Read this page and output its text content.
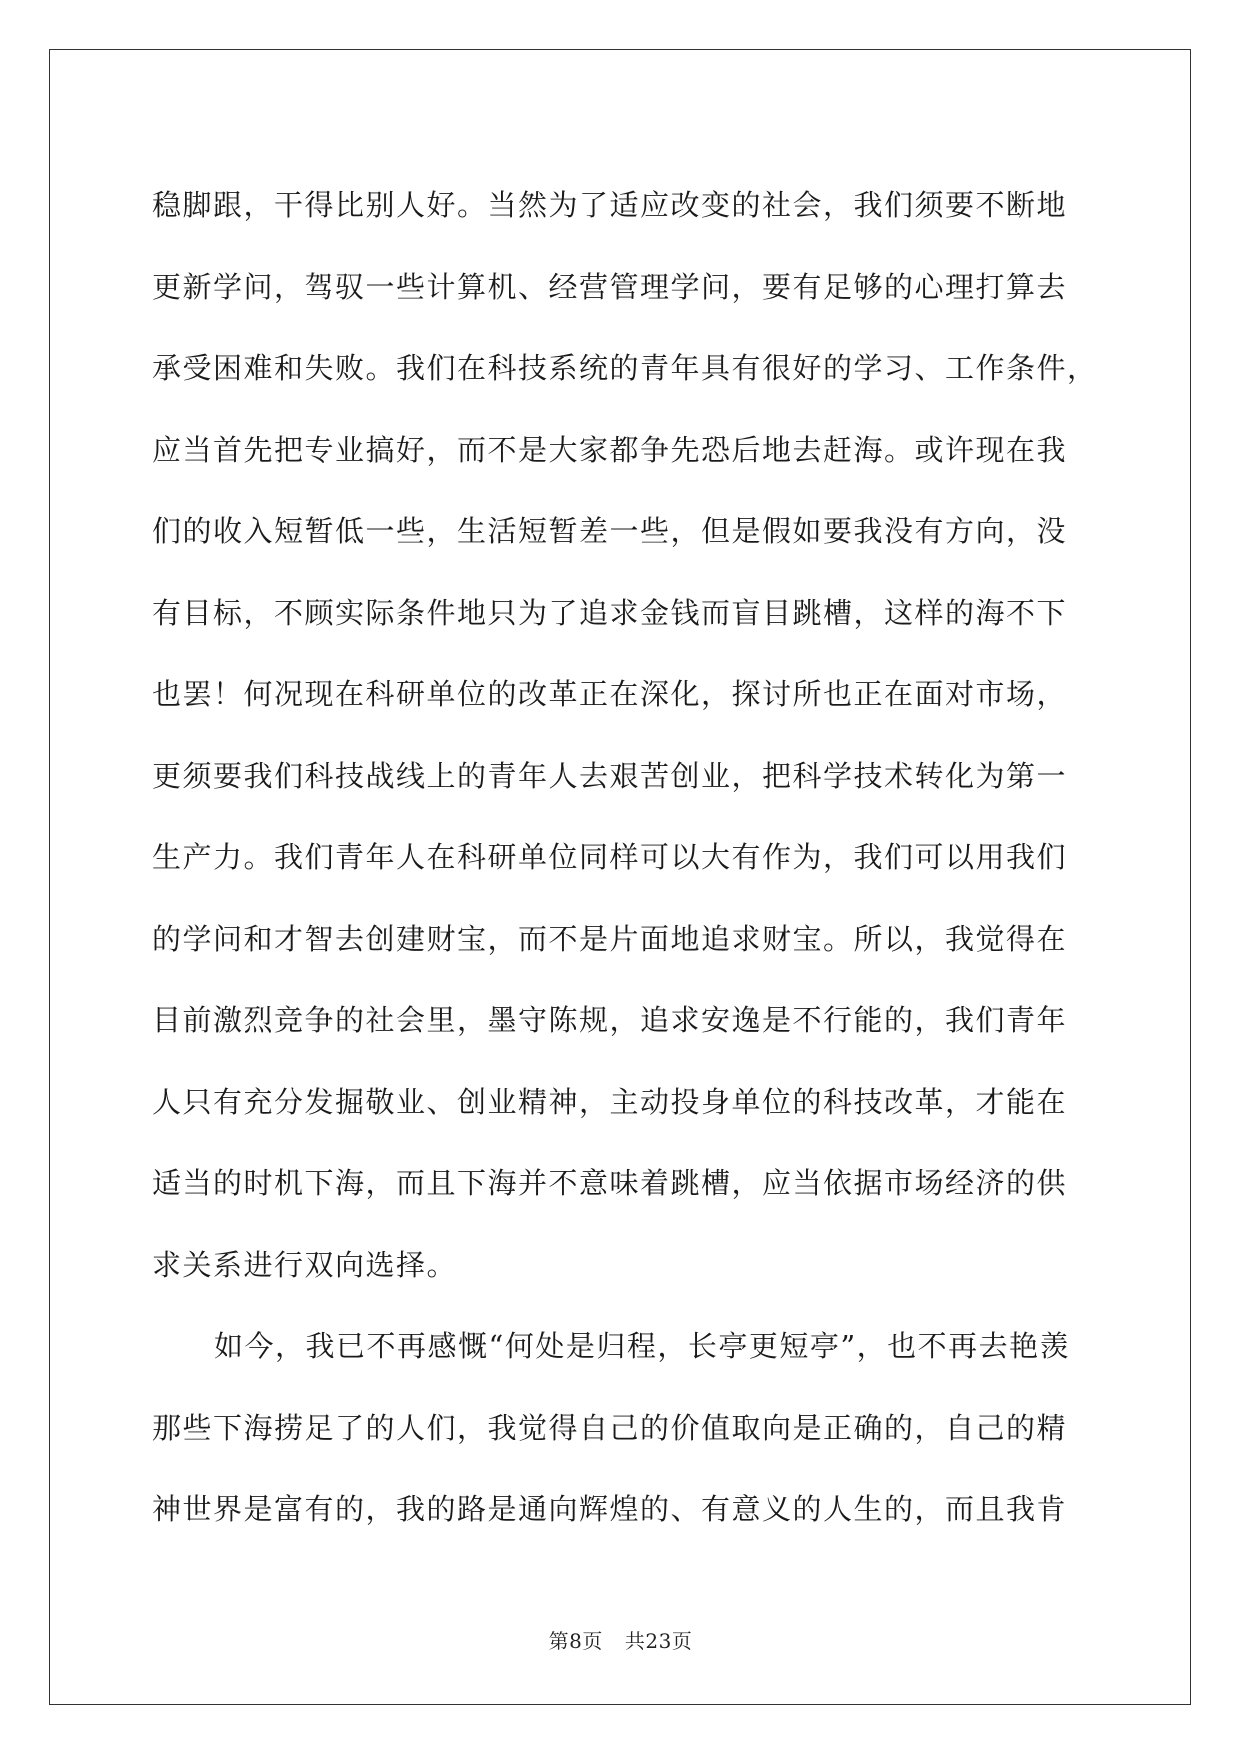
稳脚跟，干得比别人好。当然为了适应改变的社会，我们须要不断地
更新学问，驾驭一些计算机、经营管理学问，要有足够的心理打算去
承受困难和失败。我们在科技系统的青年具有很好的学习、工作条件，
应当首先把专业搞好，而不是大家都争先恐后地去赶海。或许现在我
们的收入短暂低一些，生活短暂差一些，但是假如要我没有方向，没
有目标，不顾实际条件地只为了追求金钱而盲目跳槽，这样的海不下
也罢！何况现在科研单位的改革正在深化，探讨所也正在面对市场，
更须要我们科技战线上的青年人去艰苦创业，把科学技术转化为第一
生产力。我们青年人在科研单位同样可以大有作为，我们可以用我们
的学问和才智去创建财宝，而不是片面地追求财宝。所以，我觉得在
目前激烈竞争的社会里，墨守陈规，追求安逸是不行能的，我们青年
人只有充分发掘敬业、创业精神，主动投身单位的科技改革，才能在
适当的时机下海，而且下海并不意味着跳槽，应当依据市场经济的供
求关系进行双向选择。
如今，我已不再感慨“何处是归程，长亭更短亭”，也不再去艳羡
那些下海捞足了的人们，我觉得自己的价值取向是正确的，自己的精
神世界是富有的，我的路是通向辉煌的、有意义的人生的，而且我肯
第8页 共23页
